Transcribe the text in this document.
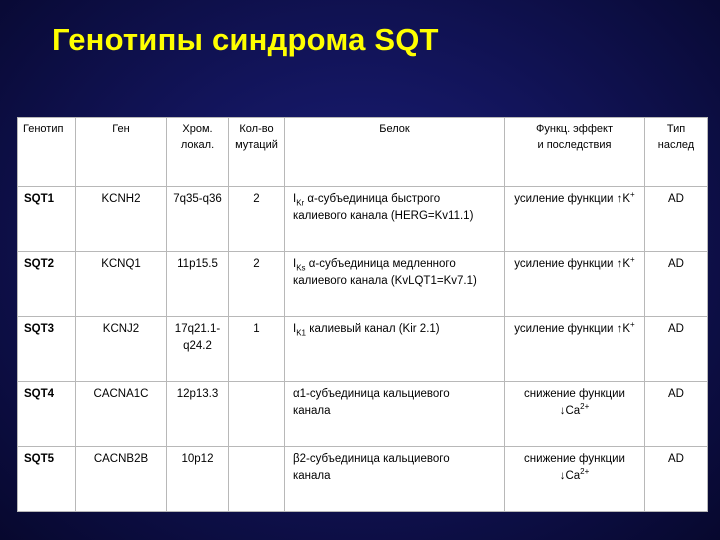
Генотипы синдрома SQT
Генотип	Ген	Хром.
локал.	Кол-во
мутаций	Белок	Функц. эффект
и последствия	Тип
наслед
SQT1	KCNH2	7q35-q36	2	$I_{Kr}$ α-субъединица быстрого
калиевого канала (HERG=Kv11.1)	усиление функции ↑K+	AD
SQT2	KCNQ1	11p15.5	2	$I_{Ks}$ α-субъединица медленного
калиевого канала (KvLQT1=Kv7.1)	усиление функции ↑K+	AD
SQT3	KCNJ2	17q21.1-
q24.2	1	$I_{K1}$ калиевый канал (Kir 2.1)	усиление функции ↑K+	AD
SQT4	CACNA1C	12p13.3		α1-субъединица кальциевого
канала	снижение функции $↓Ca^{2+}$	AD
SQT5	CACNB2B	10p12		β2-субъединица кальциевого
канала	снижение функции $↓Ca^{2+}$	AD
